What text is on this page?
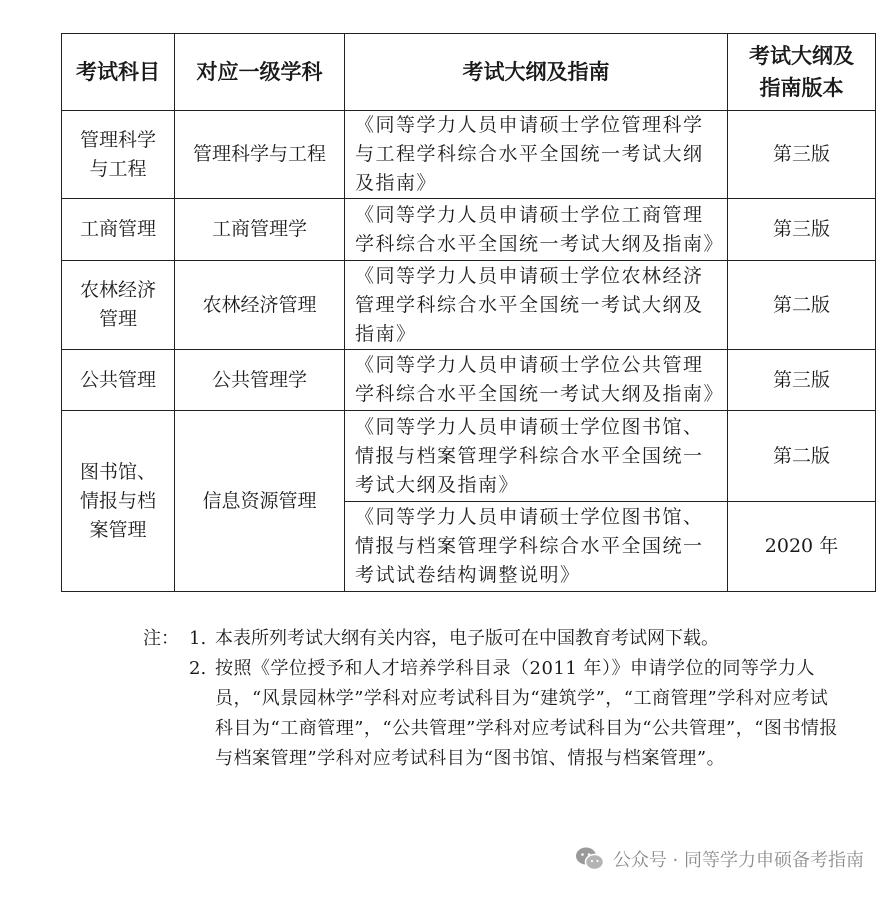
考试科目	对应一级学科	考试大纲及指南	考试大纲及
指南版本
管理科学与工程	管理科学与工程	《同等学力人员申请硕士学位管理科学与工程学科综合水平全国统一考试大纲及指南》	第三版
工商管理	工商管理学	《同等学力人员申请硕士学位工商管理学科综合水平全国统一考试大纲及指南》	第三版
农林经济管理	农林经济管理	《同等学力人员申请硕士学位农林经济管理学科综合水平全国统一考试大纲及指南》	第二版
公共管理	公共管理学	《同等学力人员申请硕士学位公共管理学科综合水平全国统一考试大纲及指南》	第三版
图书馆、情报与档案管理	信息资源管理	《同等学力人员申请硕士学位图书馆、情报与档案管理学科综合水平全国统一考试大纲及指南》	第二版
		《同等学力人员申请硕士学位图书馆、情报与档案管理学科综合水平全国统一考试试卷结构调整说明》	2020 年
注： 1. 本表所列考试大纲有关内容，电子版可在中国教育考试网下载。
2. 按照《学位授予和人才培养学科目录（2011 年）》申请学位的同等学力人员，“风景园林学”学科对应考试科目为“建筑学”，“工商管理”学科对应考试科目为“工商管理”，“公共管理”学科对应考试科目为“公共管理”，“图书情报与档案管理”学科对应考试科目为“图书馆、情报与档案管理”。
公众号 · 同等学力申硕备考指南
